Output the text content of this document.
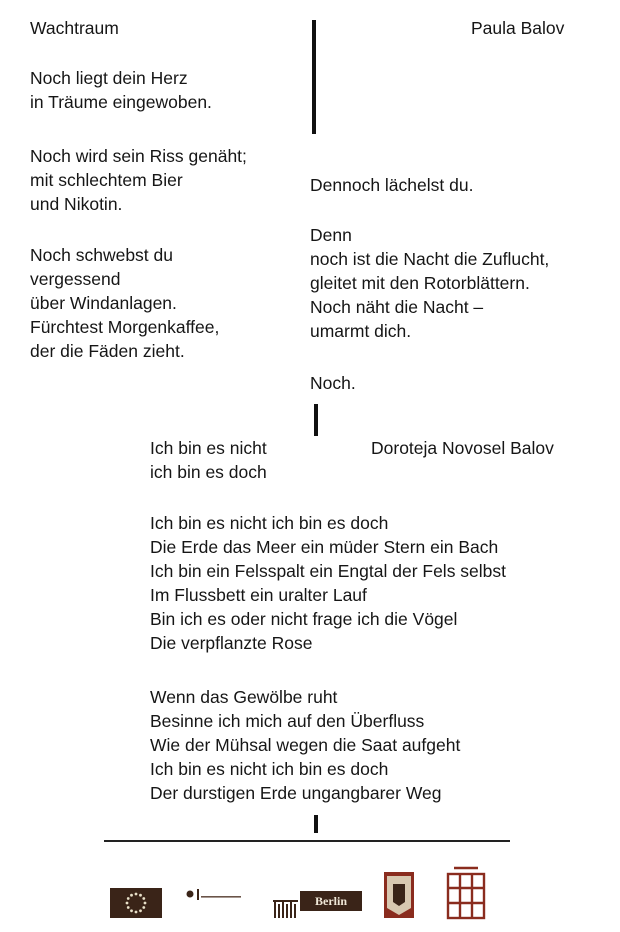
Wachtraum	Paula Balov

Noch liegt dein Herz
in Träume eingewoben.
Noch wird sein Riss genäht;
mit schlechtem Bier
und Nikotin.
Noch schwebst du
vergessend
über Windanlagen.
Fürchtest Morgenkaffee,
der die Fäden zieht.
Dennoch lächelst du.
Denn
noch ist die Nacht die Zuflucht,
gleitet mit den Rotorblättern.
Noch näht die Nacht –
umarmt dich.
Noch.
Ich bin es nicht
ich bin es doch

Doroteja Novosel Balov

Ich bin es nicht ich bin es doch
Die Erde das Meer ein müder Stern ein Bach
Ich bin ein Felsspalt ein Engtal der Fels selbst
Im Flussbett ein uralter Lauf
Bin ich es oder nicht frage ich die Vögel
Die verpflanzte Rose
Wenn das Gewölbe ruht
Besinne ich mich auf den Überfluss
Wie der Mühsal wegen die Saat aufgeht
Ich bin es nicht ich bin es doch
Der durstigen Erde ungangbarer Weg
Berlin
